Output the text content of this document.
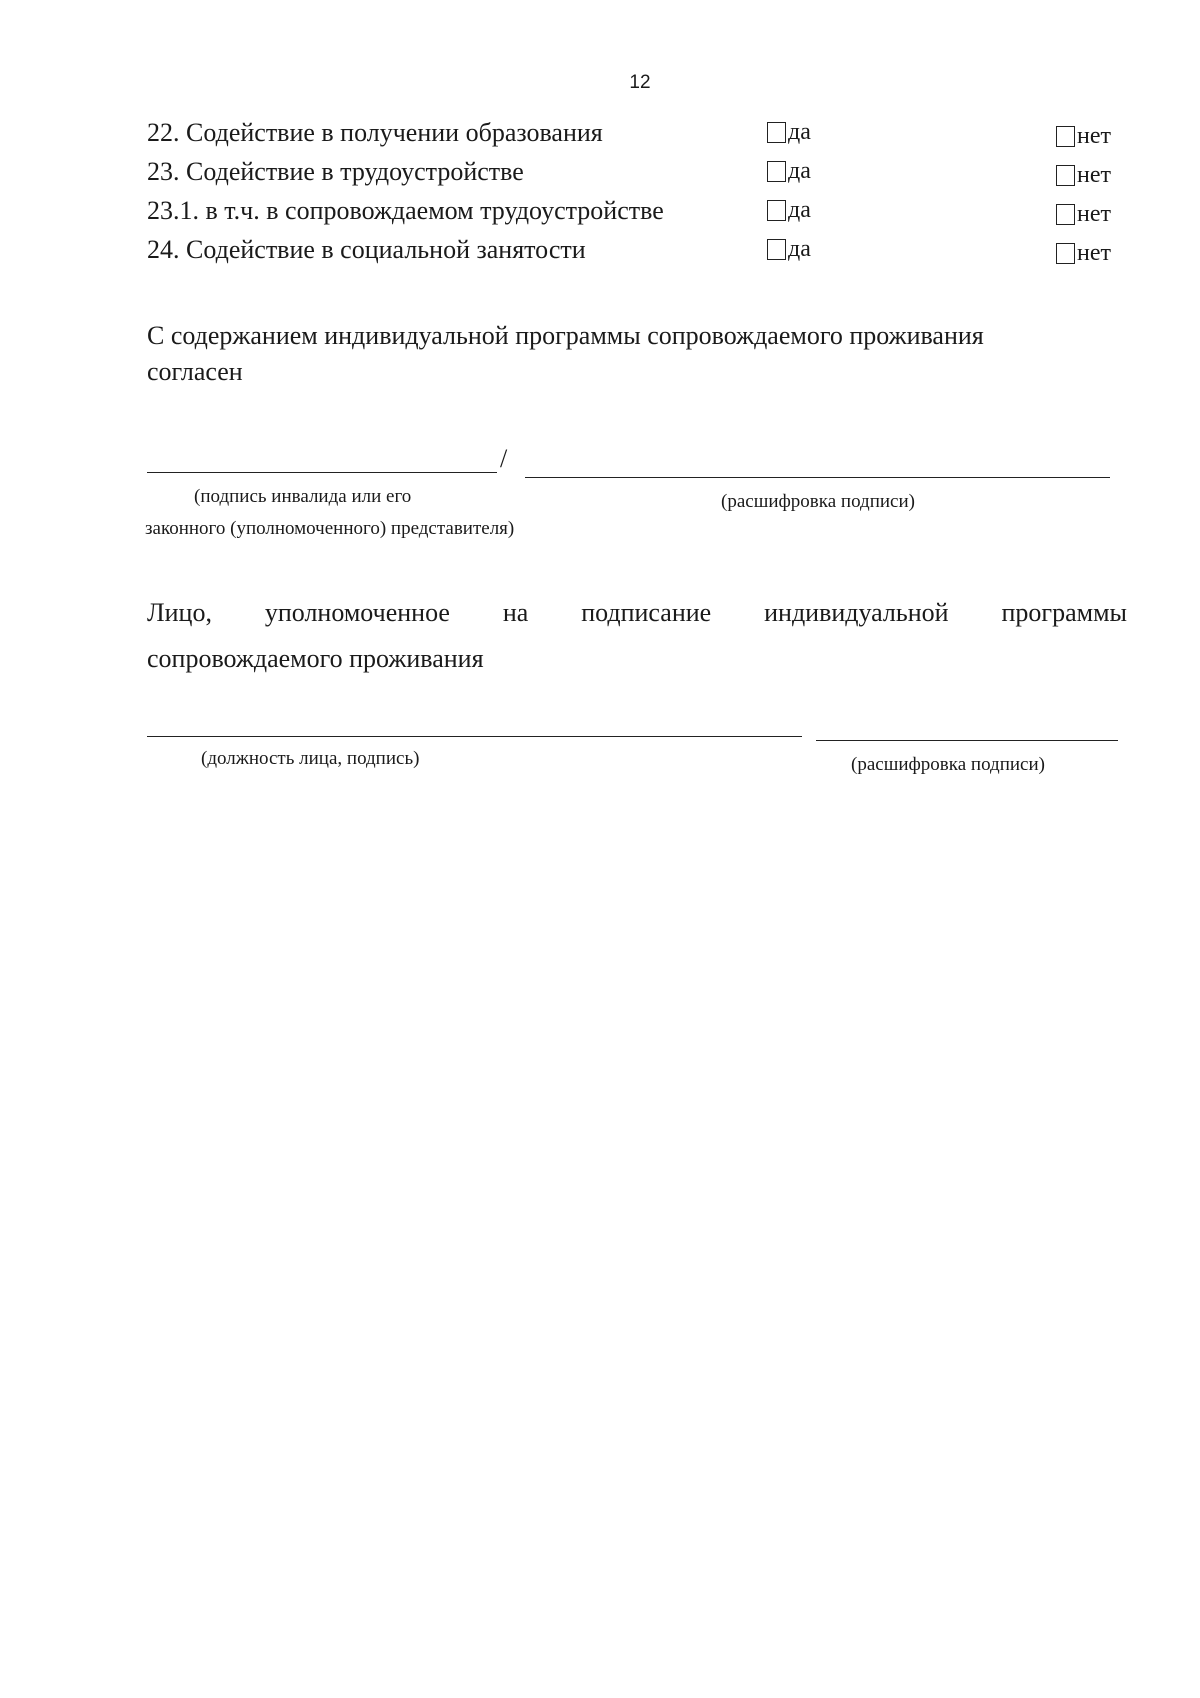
12
22. Содействие в получении образования	да	нет
23. Содействие в трудоустройстве	да	нет
23.1. в т.ч. в сопровождаемом трудоустройстве	да	нет
24. Содействие в социальной занятости	да	нет
С содержанием индивидуальной программы сопровождаемого проживания
согласен
/
(подпись инвалида или его
законного (уполномоченного) представителя)
(расшифровка подписи)
Лицо, уполномоченное на подписание индивидуальной программы
сопровождаемого проживания
(должность лица, подпись)	(расшифровка подписи)
